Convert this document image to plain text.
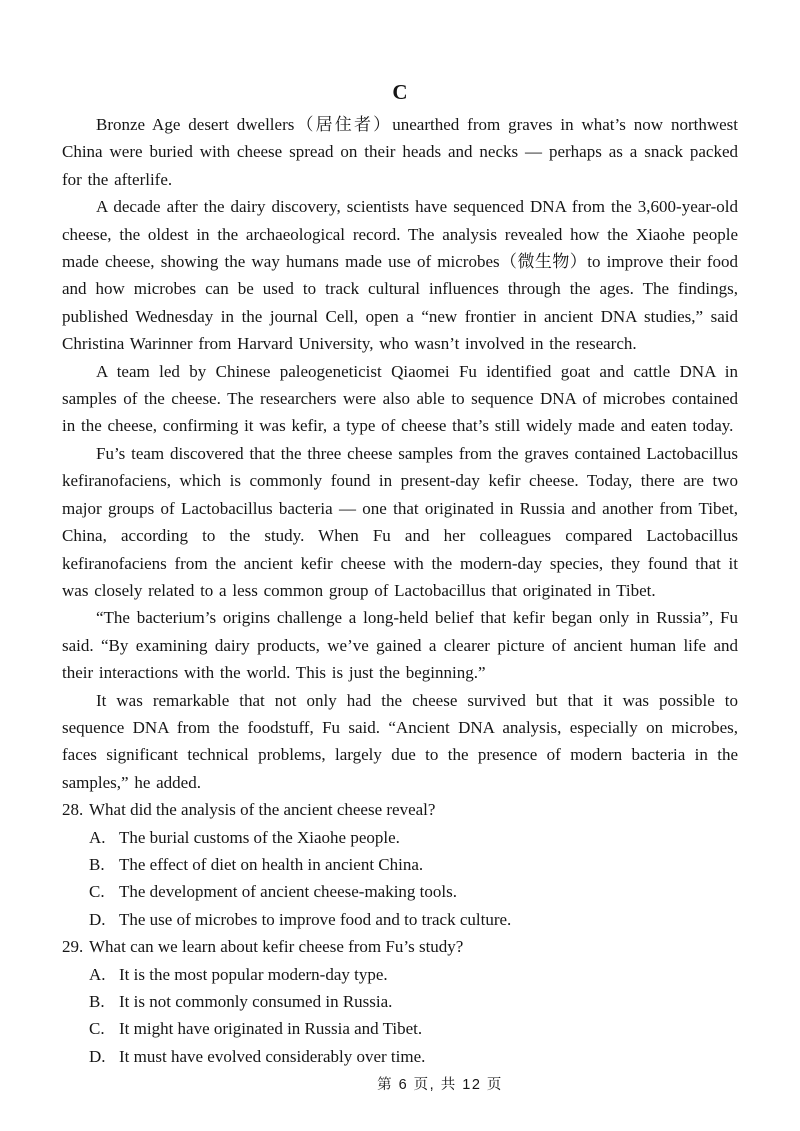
C

Bronze Age desert dwellers（居住者）unearthed from graves in what’s now northwest China were buried with cheese spread on their heads and necks — perhaps as a snack packed for the afterlife.

A decade after the dairy discovery, scientists have sequenced DNA from the 3,600-year-old cheese, the oldest in the archaeological record. The analysis revealed how the Xiaohe people made cheese, showing the way humans made use of microbes（微生物）to improve their food and how microbes can be used to track cultural influences through the ages. The findings, published Wednesday in the journal Cell, open a “new frontier in ancient DNA studies,” said Christina Warinner from Harvard University, who wasn’t involved in the research.

A team led by Chinese paleogeneticist Qiaomei Fu identified goat and cattle DNA in samples of the cheese. The researchers were also able to sequence DNA of microbes contained in the cheese, confirming it was kefir, a type of cheese that’s still widely made and eaten today.

Fu’s team discovered that the three cheese samples from the graves contained Lactobacillus kefiranofaciens, which is commonly found in present-day kefir cheese. Today, there are two major groups of Lactobacillus bacteria — one that originated in Russia and another from Tibet, China, according to the study. When Fu and her colleagues compared Lactobacillus kefiranofaciens from the ancient kefir cheese with the modern-day species, they found that it was closely related to a less common group of Lactobacillus that originated in Tibet.

“The bacterium’s origins challenge a long-held belief that kefir began only in Russia”, Fu said. “By examining dairy products, we’ve gained a clearer picture of ancient human life and their interactions with the world. This is just the beginning.”

It was remarkable that not only had the cheese survived but that it was possible to sequence DNA from the foodstuff, Fu said. “Ancient DNA analysis, especially on microbes, faces significant technical problems, largely due to the presence of modern bacteria in the samples,” he added.

28. What did the analysis of the ancient cheese reveal?
A. The burial customs of the Xiaohe people.
B. The effect of diet on health in ancient China.
C. The development of ancient cheese-making tools.
D. The use of microbes to improve food and to track culture.
29. What can we learn about kefir cheese from Fu’s study?
A. It is the most popular modern-day type.
B. It is not commonly consumed in Russia.
C. It might have originated in Russia and Tibet.
D. It must have evolved considerably over time.
第 6 页, 共 12 页
